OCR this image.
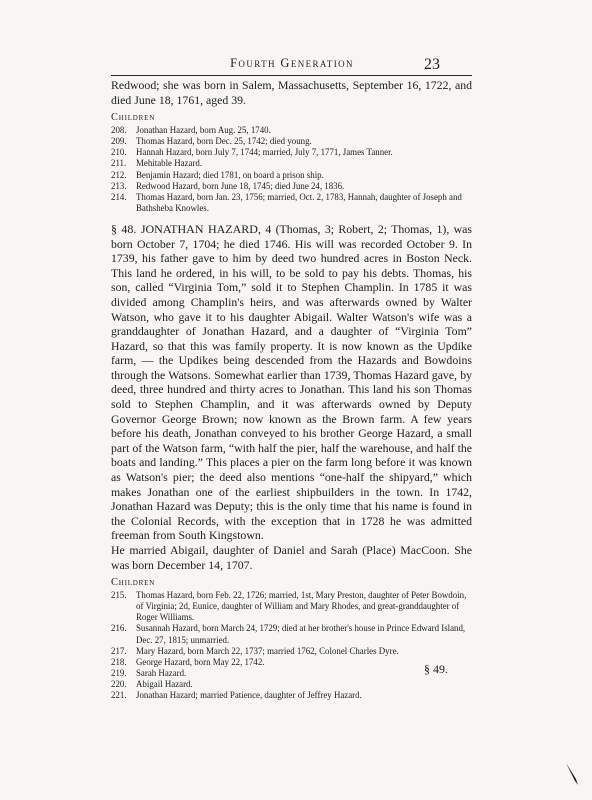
Fourth Generation	23

Redwood; she was born in Salem, Massachusetts, September 16, 1722, and died June 18, 1761, aged 39.

Children
208.	Jonathan Hazard, born Aug. 25, 1740.
209.	Thomas Hazard, born Dec. 25, 1742; died young.
210.	Hannah Hazard, born July 7, 1744; married, July 7, 1771, James Tanner.
211.	Mehitable Hazard.
212.	Benjamin Hazard; died 1781, on board a prison ship.
213.	Redwood Hazard, born June 18, 1745; died June 24, 1836.
214.	Thomas Hazard, born Jan. 23, 1756; married, Oct. 2, 1783, Hannah, daughter of Joseph and Bathsheba Knowles.

§ 48. JONATHAN HAZARD, 4 (Thomas, 3; Robert, 2; Thomas, 1), was born October 7, 1704; he died 1746. His will was recorded October 9. In 1739, his father gave to him by deed two hundred acres in Boston Neck. This land he ordered, in his will, to be sold to pay his debts. Thomas, his son, called “Virginia Tom,” sold it to Stephen Champlin. In 1785 it was divided among Champlin's heirs, and was afterwards owned by Walter Watson, who gave it to his daughter Abigail. Walter Watson's wife was a granddaughter of Jonathan Hazard, and a daughter of “Virginia Tom” Hazard, so that this was family property. It is now known as the Updike farm, — the Updikes being descended from the Hazards and Bowdoins through the Watsons. Somewhat earlier than 1739, Thomas Hazard gave, by deed, three hundred and thirty acres to Jonathan. This land his son Thomas sold to Stephen Champlin, and it was afterwards owned by Deputy Governor George Brown; now known as the Brown farm. A few years before his death, Jonathan conveyed to his brother George Hazard, a small part of the Watson farm, “with half the pier, half the warehouse, and half the boats and landing.” This places a pier on the farm long before it was known as Watson's pier; the deed also mentions “one-half the shipyard,” which makes Jonathan one of the earliest shipbuilders in the town. In 1742, Jonathan Hazard was Deputy; this is the only time that his name is found in the Colonial Records, with the exception that in 1728 he was admitted freeman from South Kingstown.

He married Abigail, daughter of Daniel and Sarah (Place) MacCoon. She was born December 14, 1707.

Children
215.	Thomas Hazard, born Feb. 22, 1726; married, 1st, Mary Preston, daughter of Peter Bowdoin, of Virginia; 2d, Eunice, daughter of William and Mary Rhodes, and great-granddaughter of Roger Williams.
216.	Susannah Hazard, born March 24, 1729; died at her brother's house in Prince Edward Island, Dec. 27, 1815; unmarried.
217.	Mary Hazard, born March 22, 1737; married 1762, Colonel Charles Dyre.
218.	George Hazard, born May 22, 1742.
219.	Sarah Hazard.
220.	Abigail Hazard.
221.	Jonathan Hazard; married Patience, daughter of Jeffrey Hazard.
§ 49.
